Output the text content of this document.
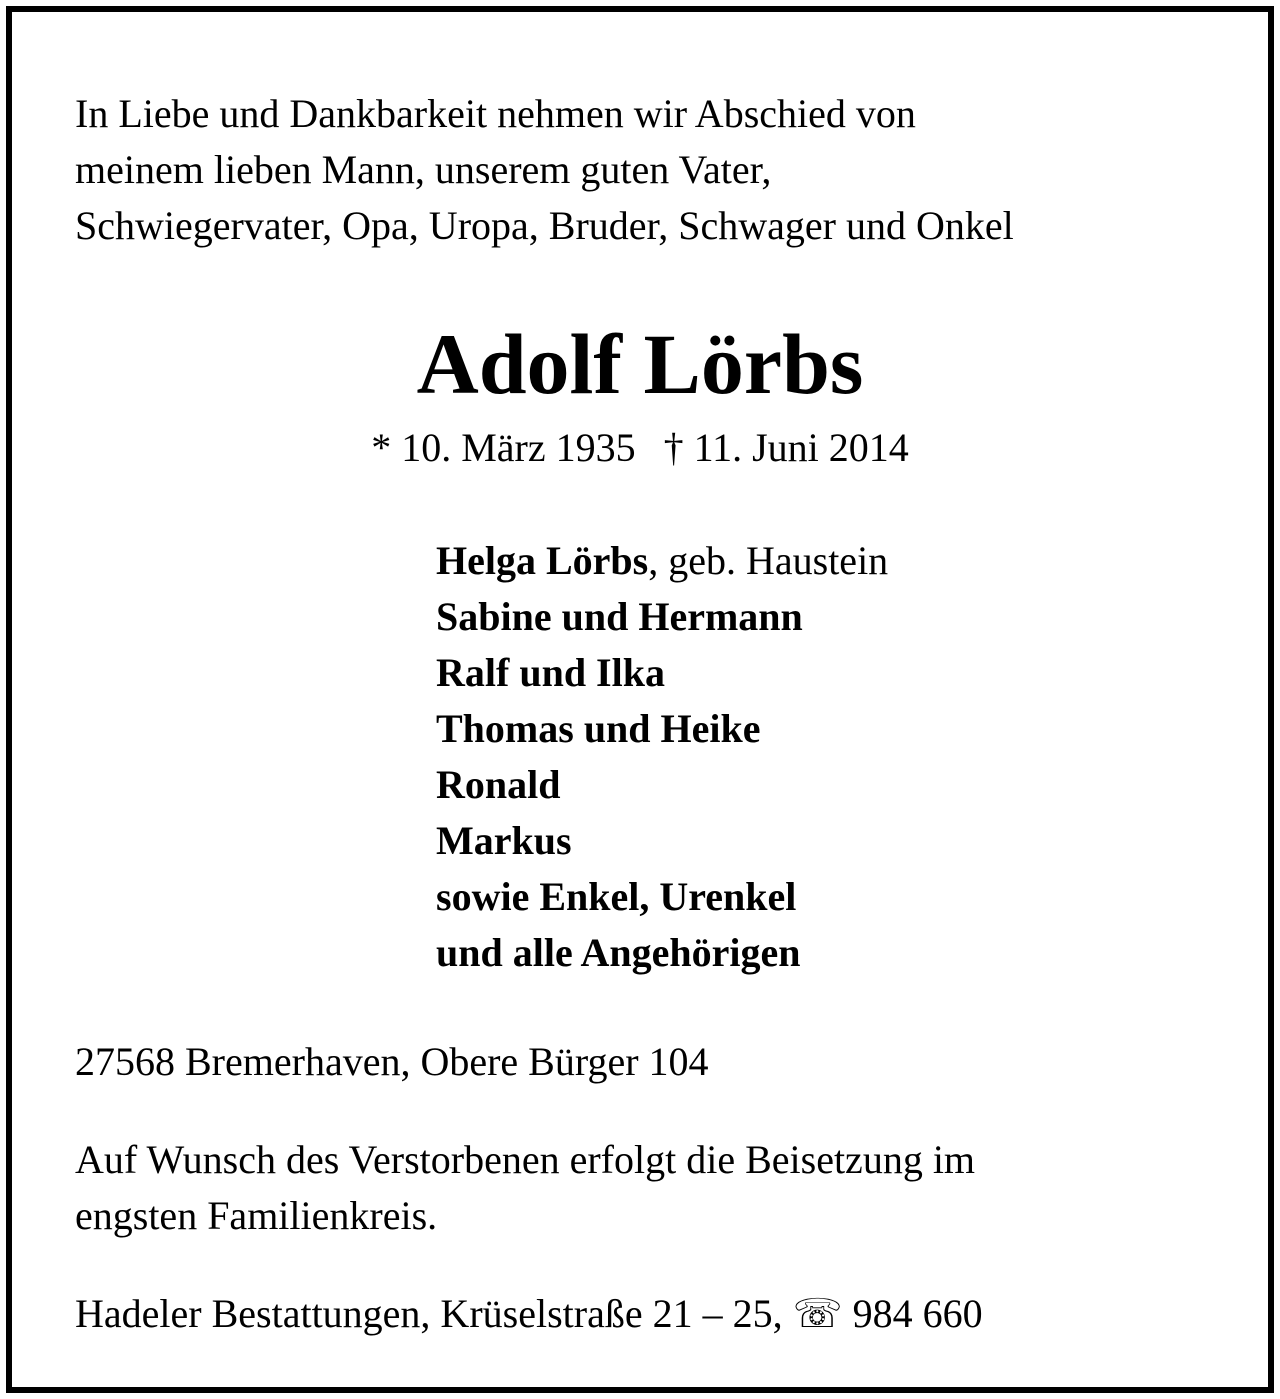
In Liebe und Dankbarkeit nehmen wir Abschied von
meinem lieben Mann, unserem guten Vater,
Schwiegervater, Opa, Uropa, Bruder, Schwager und Onkel
Adolf Lörbs
* 10. März 1935 † 11. Juni 2014
Helga Lörbs, geb. Haustein
Sabine und Hermann
Ralf und Ilka
Thomas und Heike
Ronald
Markus
sowie Enkel, Urenkel
und alle Angehörigen
27568 Bremerhaven, Obere Bürger 104
Auf Wunsch des Verstorbenen erfolgt die Beisetzung im
engsten Familienkreis.
Hadeler Bestattungen, Krüselstraße 21 – 25, ☏ 984 660
